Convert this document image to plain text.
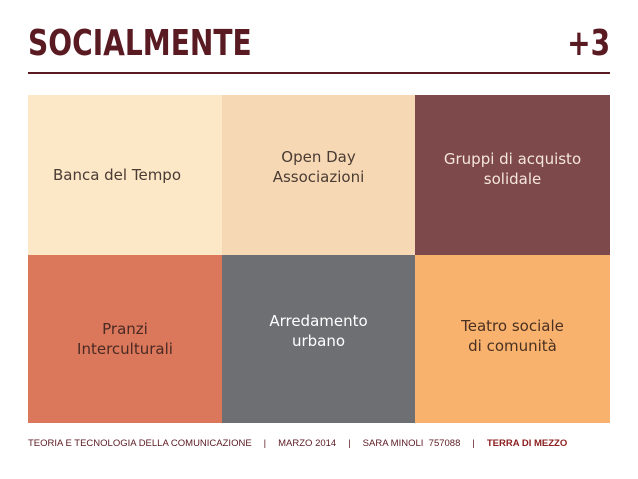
SOCIALMENTE	+3
Banca del Tempo
Open Day
Associazioni
Gruppi di acquisto
solidale
Pranzi
Interculturali
Arredamento
urbano
Teatro sociale
di comunità
TEORIA E TECNOLOGIA DELLA COMUNICAZIONE | MARZO 2014 | SARA MINOLI  757088 | TERRA DI MEZZO
